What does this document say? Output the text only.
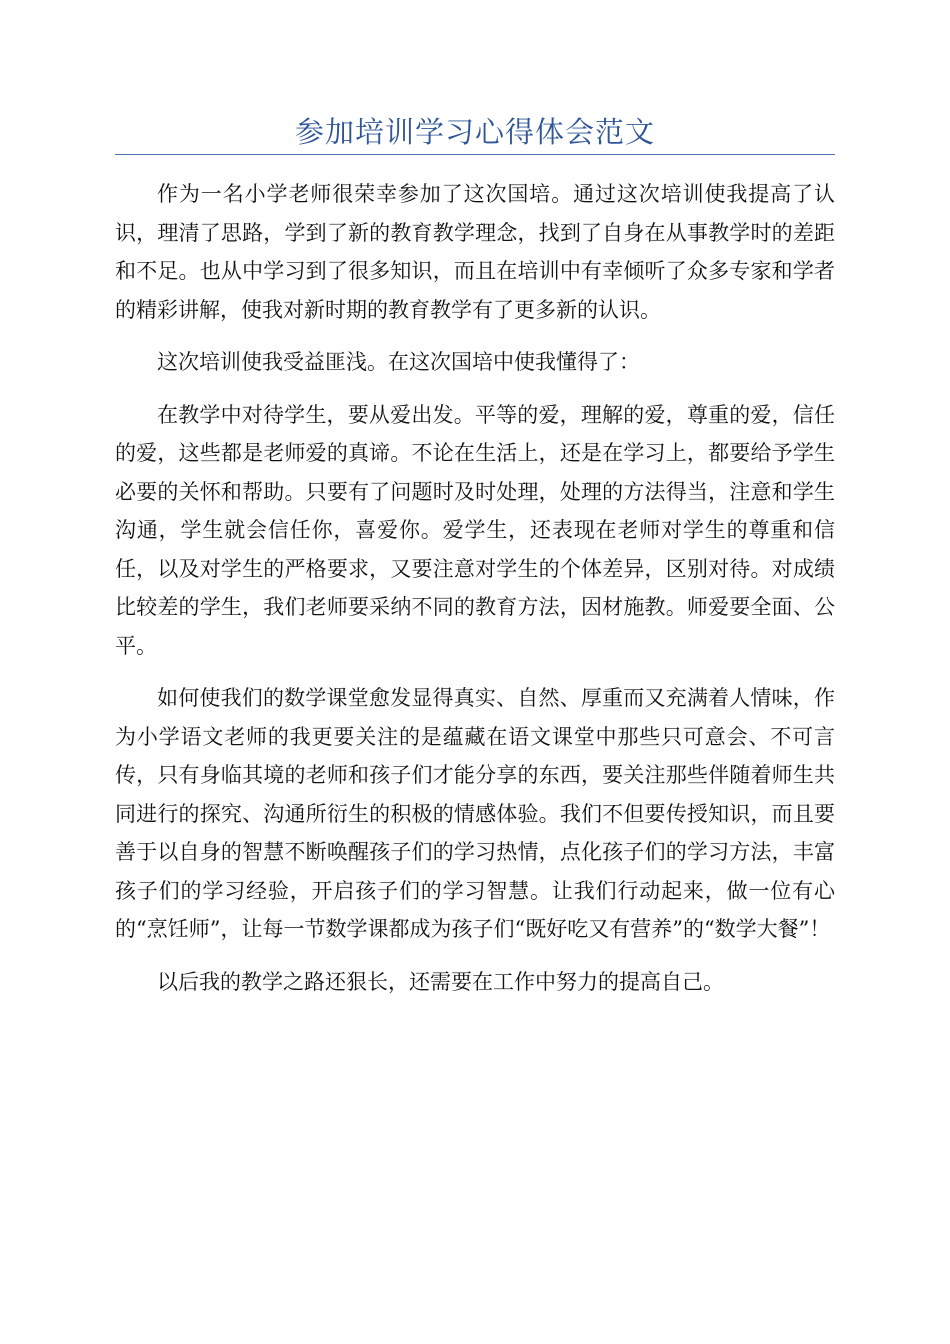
参加培训学习心得体会范文

作为一名小学老师很荣幸参加了这次国培。通过这次培训使我提高了认识，理清了思路，学到了新的教育教学理念，找到了自身在从事教学时的差距和不足。也从中学习到了很多知识，而且在培训中有幸倾听了众多专家和学者的精彩讲解，使我对新时期的教育教学有了更多新的认识。

这次培训使我受益匪浅。在这次国培中使我懂得了：

在教学中对待学生，要从爱出发。平等的爱，理解的爱，尊重的爱，信任的爱，这些都是老师爱的真谛。不论在生活上，还是在学习上，都要给予学生必要的关怀和帮助。只要有了问题时及时处理，处理的方法得当，注意和学生沟通，学生就会信任你，喜爱你。爱学生，还表现在老师对学生的尊重和信任，以及对学生的严格要求，又要注意对学生的个体差异，区别对待。对成绩比较差的学生，我们老师要采纳不同的教育方法，因材施教。师爱要全面、公平。

如何使我们的数学课堂愈发显得真实、自然、厚重而又充满着人情味，作为小学语文老师的我更要关注的是蕴藏在语文课堂中那些只可意会、不可言传，只有身临其境的老师和孩子们才能分享的东西，要关注那些伴随着师生共同进行的探究、沟通所衍生的积极的情感体验。我们不但要传授知识，而且要善于以自身的智慧不断唤醒孩子们的学习热情，点化孩子们的学习方法，丰富孩子们的学习经验，开启孩子们的学习智慧。让我们行动起来，做一位有心的“烹饪师”，让每一节数学课都成为孩子们“既好吃又有营养”的“数学大餐”！

以后我的教学之路还狠长，还需要在工作中努力的提高自己。
